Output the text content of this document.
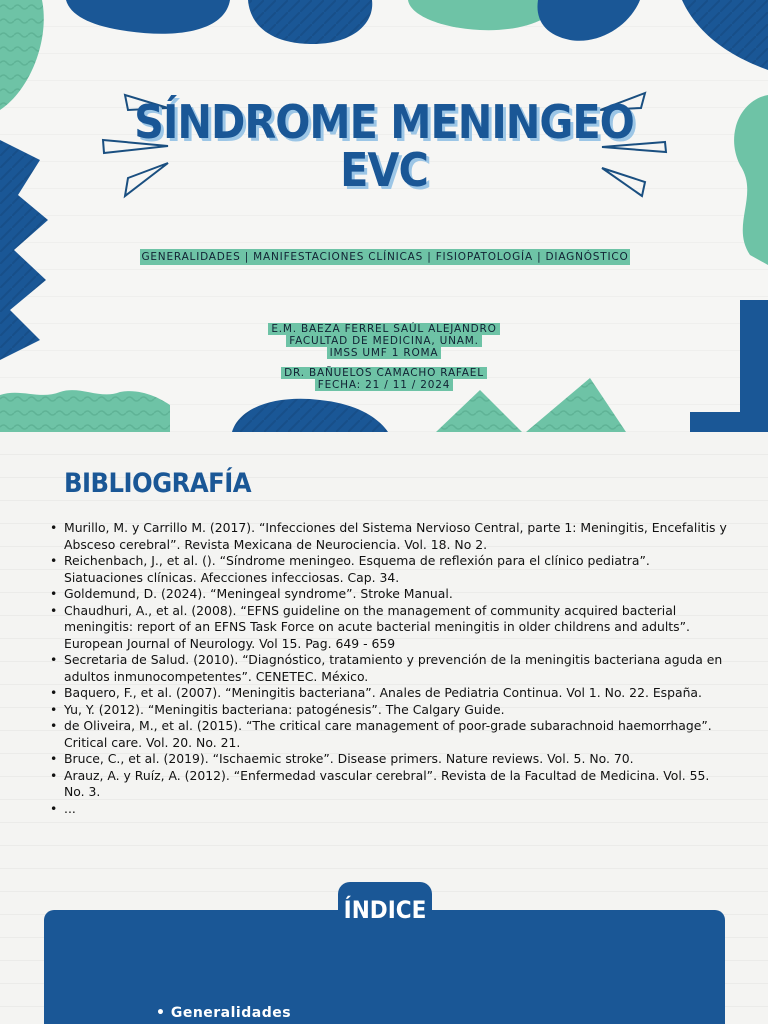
SÍNDROME MENINGEO
EVC
GENERALIDADES | MANIFESTACIONES CLÍNICAS | FISIOPATOLOGÍA | DIAGNÓSTICO
E.M. BAEZA FERREL SAÚL ALEJANDRO
FACULTAD DE MEDICINA, UNAM.
IMSS UMF 1 ROMA
DR. BAÑUELOS CAMACHO RAFAEL
FECHA: 21 / 11 / 2024
BIBLIOGRAFÍA
• Murillo, M. y Carrillo M. (2017). “Infecciones del Sistema Nervioso Central, parte 1: Meningitis, Encefalitis y Absceso cerebral”. Revista Mexicana de Neurociencia. Vol. 18. No 2.
• Reichenbach, J., et al. (). “Síndrome meningeo. Esquema de reflexión para el clínico pediatra”. Siatuaciones clínicas. Afecciones infecciosas. Cap. 34.
• Goldemund, D. (2024). “Meningeal syndrome”. Stroke Manual.
• Chaudhuri, A., et al. (2008). “EFNS guideline on the management of community acquired bacterial meningitis: report of an EFNS Task Force on acute bacterial meningitis in older childrens and adults”. European Journal of Neurology. Vol 15. Pag. 649 - 659
• Secretaria de Salud. (2010). “Diagnóstico, tratamiento y prevención de la meningitis bacteriana aguda en adultos inmunocompetentes”. CENETEC. México.
• Baquero, F., et al. (2007). “Meningitis bacteriana”. Anales de Pediatria Continua. Vol 1. No. 22. España.
• Yu, Y. (2012). “Meningitis bacteriana: patogénesis”. The Calgary Guide.
• de Oliveira, M., et al. (2015). “The critical care management of poor-grade subarachnoid haemorrhage”. Critical care. Vol. 20. No. 21.
• Bruce, C., et al. (2019). “Ischaemic stroke”. Disease primers. Nature reviews. Vol. 5. No. 70.
• Arauz, A. y Ruíz, A. (2012). “Enfermedad vascular cerebral”. Revista de la Facultad de Medicina. Vol. 55. No. 3.
• ...
ÍNDICE
• Generalidades
